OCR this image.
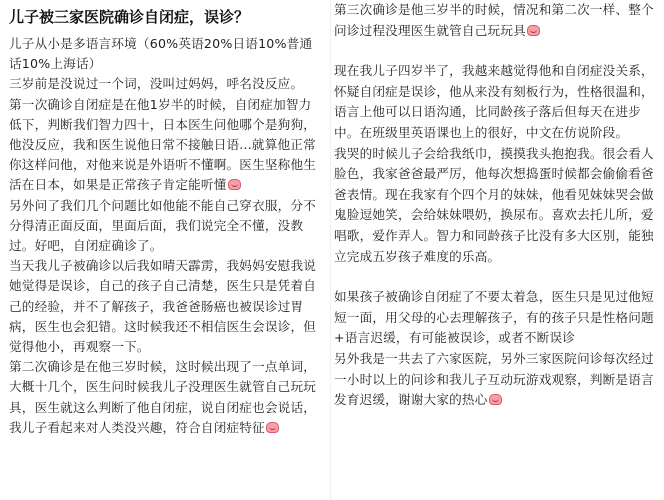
儿子被三家医院确诊自闭症，误诊？

儿子从小是多语言环境（60%英语20%日语10%普通话10%上海话）

三岁前是没说过一个词，没叫过妈妈，呼名没反应。

第一次确诊自闭症是在他1岁半的时候，自闭症加智力低下，判断我们智力四十，日本医生问他哪个是狗狗，他没反应，我和医生说他日常不接触日语...就算他正常你这样问他，对他来说是外语听不懂啊。医生坚称他生活在日本，如果是正常孩子肯定能听懂

另外问了我们几个问题比如他能不能自己穿衣服，分不分得清正面反面，里面后面，我们说完全不懂，没教过。好吧，自闭症确诊了。

当天我儿子被确诊以后我如晴天霹雳，我妈妈安慰我说她觉得是误诊，自己的孩子自己清楚，医生只是凭着自己的经验，并不了解孩子，我爸爸肠癌也被误诊过胃病，医生也会犯错。这时候我还不相信医生会误诊，但觉得他小，再观察一下。

第二次确诊是在他三岁时候，这时候出现了一点单词，大概十几个，医生问时候我儿子没理医生就管自己玩玩具，医生就这么判断了他自闭症，说自闭症也会说话，我儿子看起来对人类没兴趣，符合自闭症特征

第三次确诊是他三岁半的时候，情况和第二次一样、整个问诊过程没理医生就管自己玩玩具

现在我儿子四岁半了，我越来越觉得他和自闭症没关系，怀疑自闭症是误诊，他从来没有刻板行为，性格很温和，语言上他可以日语沟通，比同龄孩子落后但每天在进步中。在班级里英语课也上的很好，中文在仿说阶段。

我哭的时候儿子会给我纸巾，摸摸我头抱抱我。很会看人脸色，我家爸爸最严厉，他每次想捣蛋时候都会偷偷看爸爸表情。现在我家有个四个月的妹妹，他看见妹妹哭会做鬼脸逗她笑，会给妹妹喂奶，换尿布。喜欢去托儿所，爱唱歌，爱作弄人。智力和同龄孩子比没有多大区别，能独立完成五岁孩子难度的乐高。

如果孩子被确诊自闭症了不要太着急，医生只是见过他短短一面，用父母的心去理解孩子，有的孩子只是性格问题+语言迟缓，有可能被误诊，或者不断误诊

另外我是一共去了六家医院，另外三家医院问诊每次经过一小时以上的问诊和我儿子互动玩游戏观察，判断是语言发育迟缓，谢谢大家的热心
